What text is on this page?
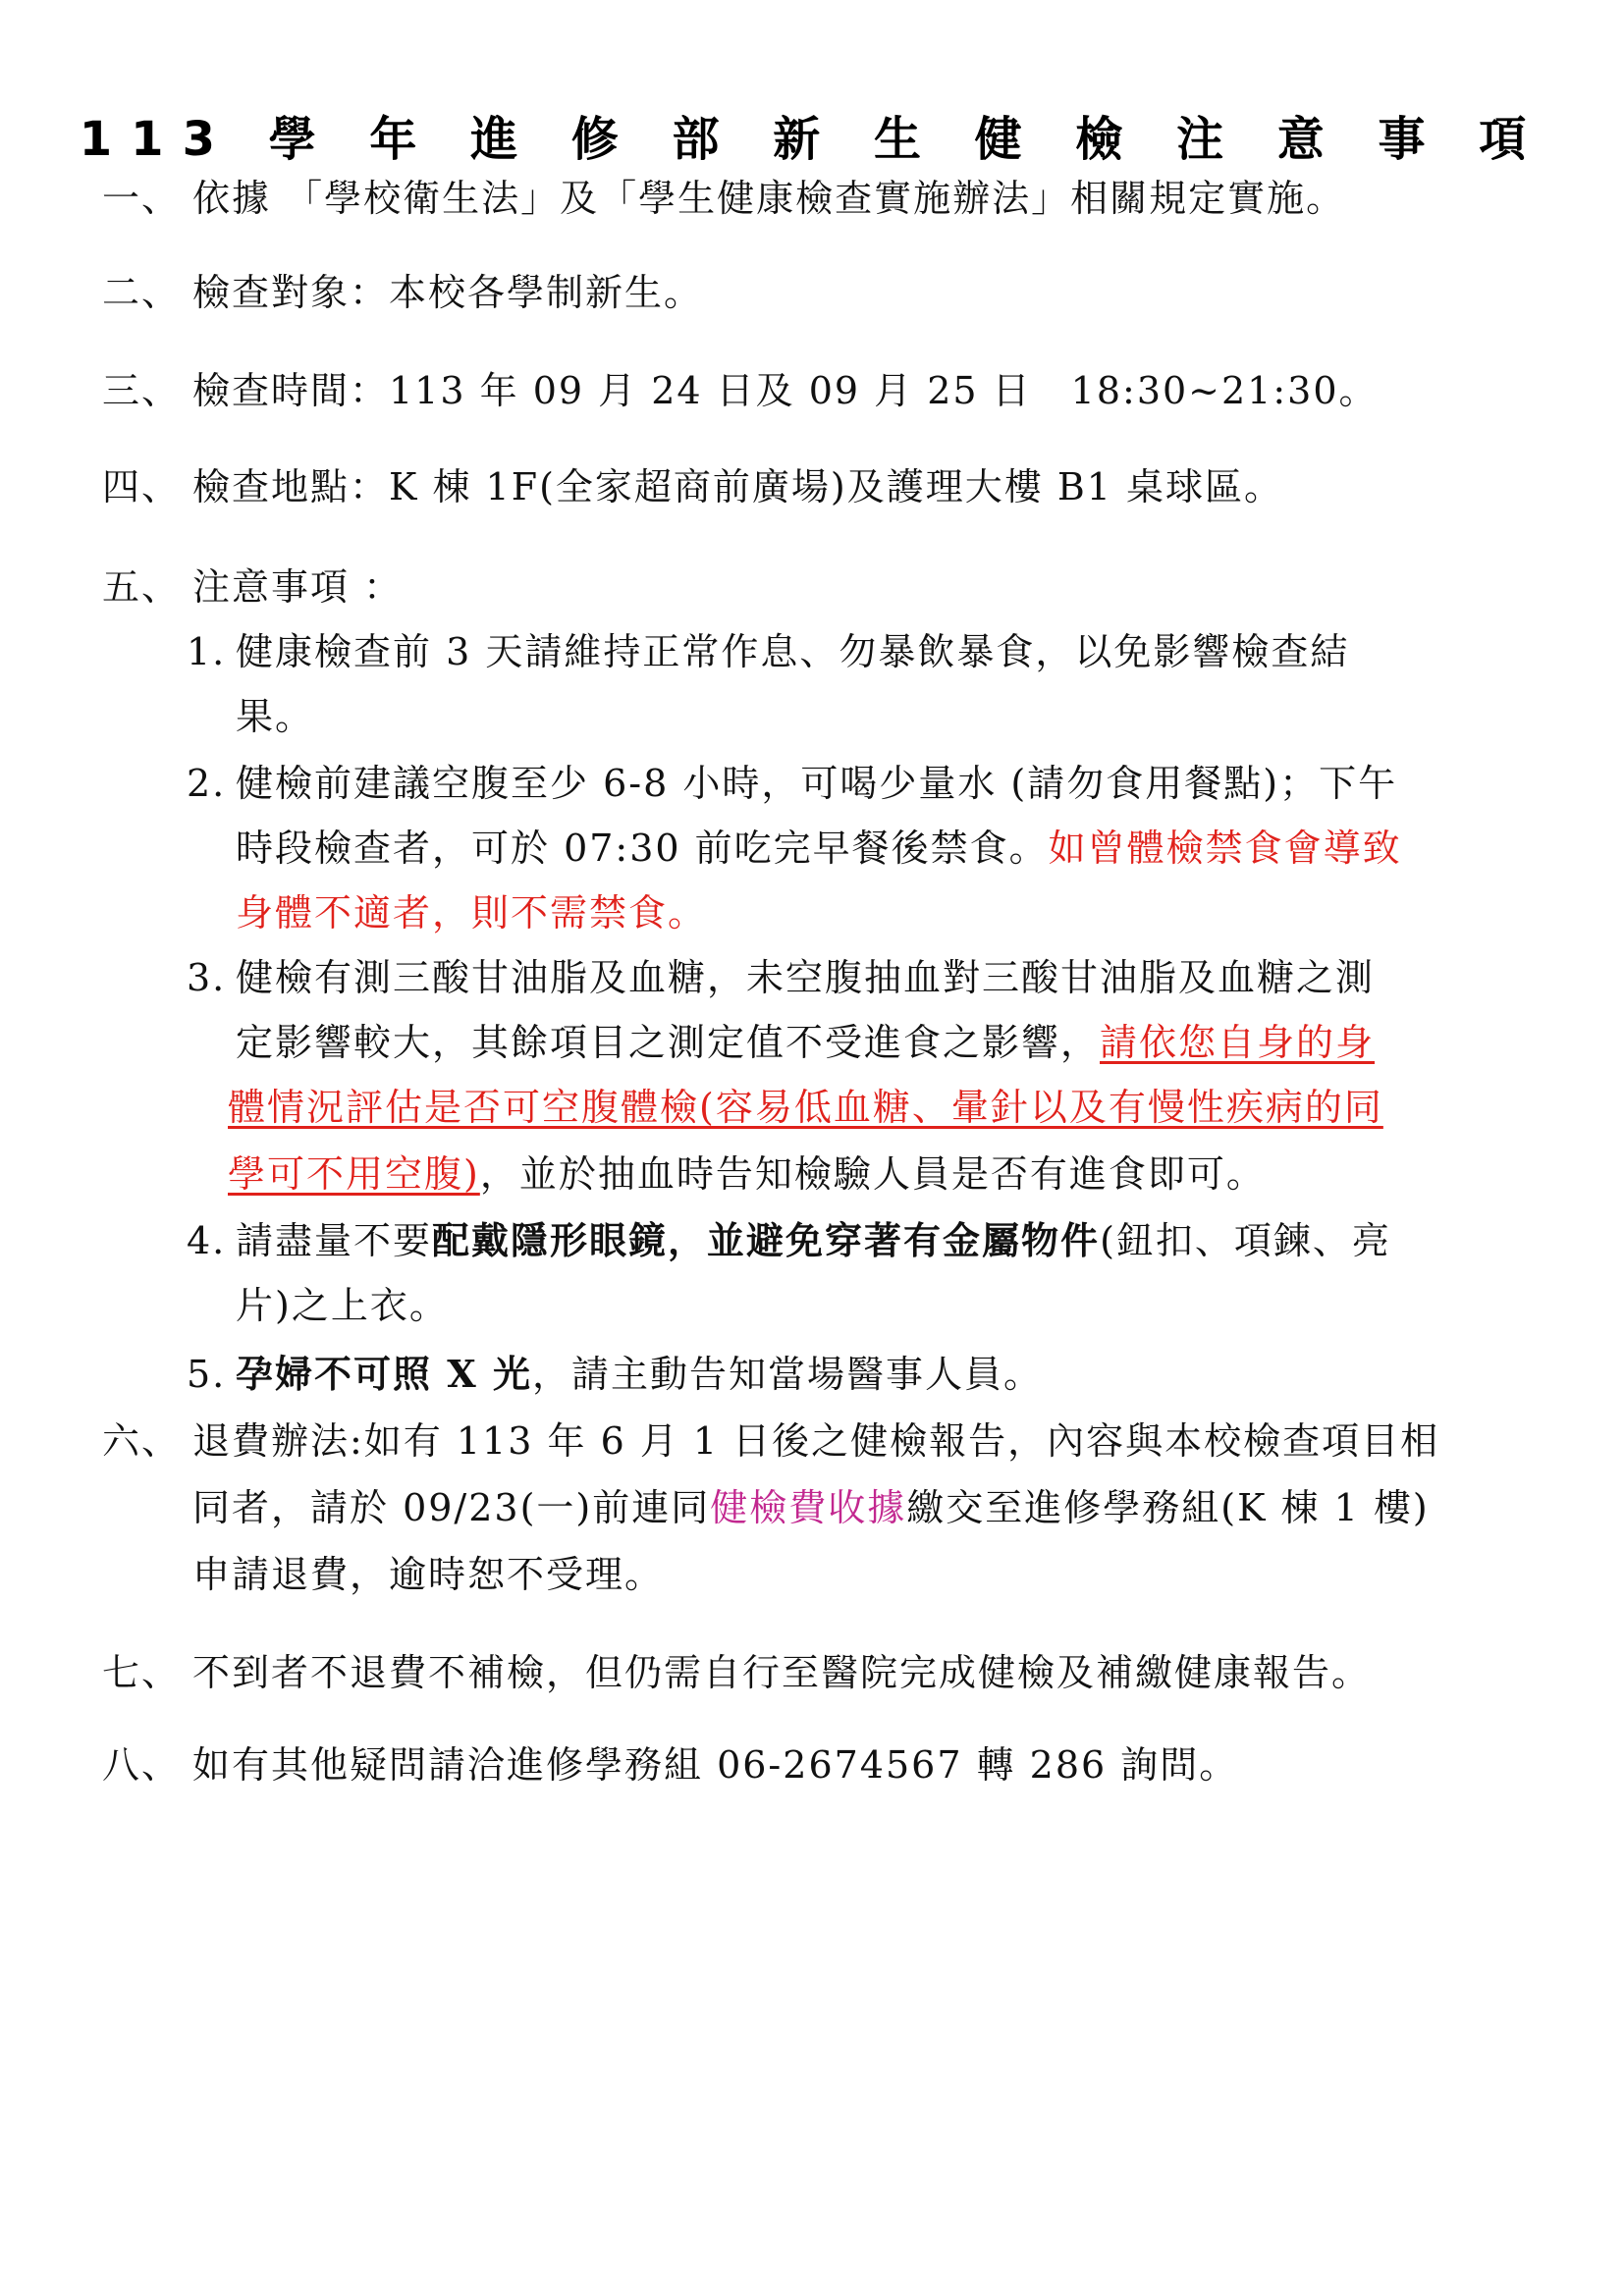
113 學 年 進 修 部 新 生 健 檢 注 意 事 項
一、 依據 「學校衛生法」及「學生健康檢查實施辦法」相關規定實施。
二、 檢查對象：本校各學制新生。
三、 檢查時間：113 年 09 月 24 日及 09 月 25 日　18:30~21:30。
四、 檢查地點：K 棟 1F(全家超商前廣場)及護理大樓 B1 桌球區。
五、 注意事項 ：
1. 健康檢查前 3 天請維持正常作息、勿暴飲暴食，以免影響檢查結
果。
2. 健檢前建議空腹至少 6-8 小時，可喝少量水 (請勿食用餐點)；下午
時段檢查者，可於 07:30 前吃完早餐後禁食。如曾體檢禁食會導致
身體不適者，則不需禁食。
3. 健檢有測三酸甘油脂及血糖，未空腹抽血對三酸甘油脂及血糖之測
定影響較大，其餘項目之測定值不受進食之影響，請依您自身的身
體情況評估是否可空腹體檢(容易低血糖、暈針以及有慢性疾病的同
學可不用空腹)，並於抽血時告知檢驗人員是否有進食即可。
4. 請盡量不要配戴隱形眼鏡，並避免穿著有金屬物件(鈕扣、項鍊、亮
片)之上衣。
5. 孕婦不可照 X 光，請主動告知當場醫事人員。
六、 退費辦法:如有 113 年 6 月 1 日後之健檢報告，內容與本校檢查項目相
同者，請於 09/23(一)前連同健檢費收據繳交至進修學務組(K 棟 1 樓)
申請退費，逾時恕不受理。
七、 不到者不退費不補檢，但仍需自行至醫院完成健檢及補繳健康報告。
八、 如有其他疑問請洽進修學務組 06-2674567 轉 286 詢問。
